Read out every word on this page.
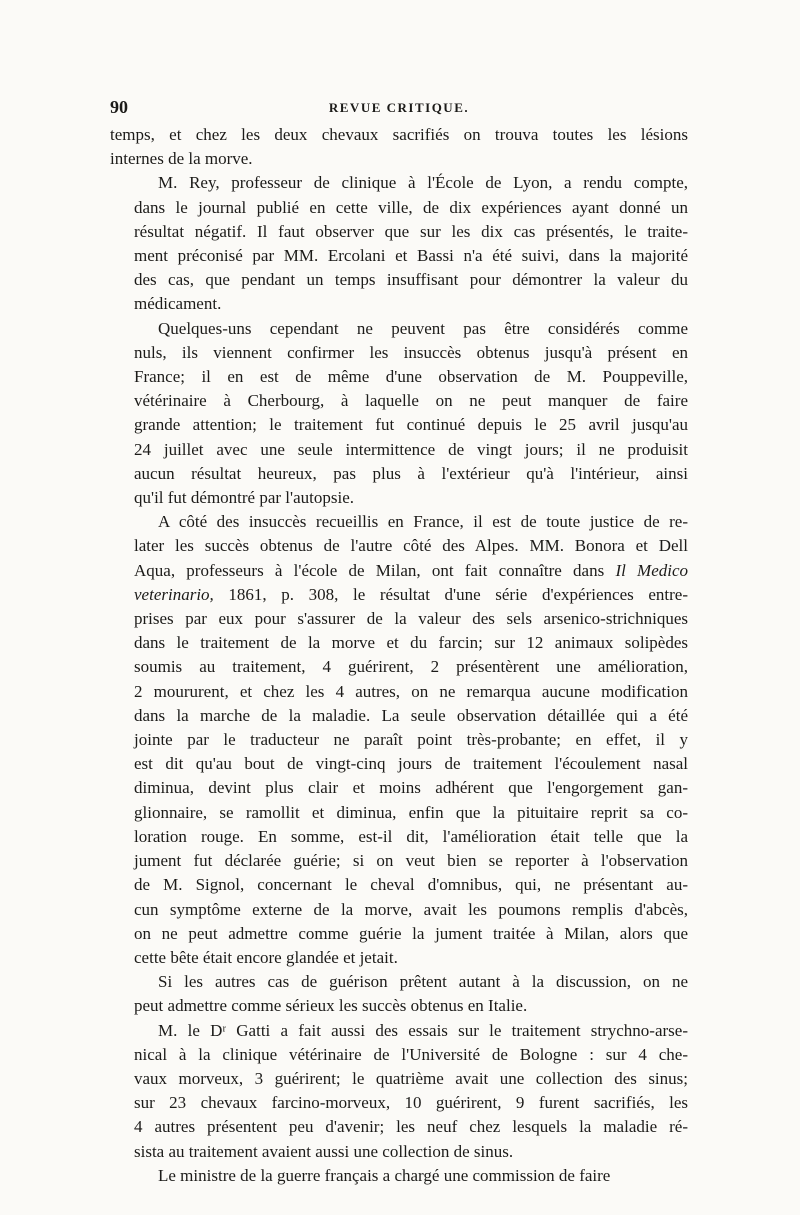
90	REVUE CRITIQUE.
temps, et chez les deux chevaux sacrifiés on trouva toutes les lésions
internes de la morve.
M. Rey, professeur de clinique à l'École de Lyon, a rendu compte,
dans le journal publié en cette ville, de dix expériences ayant donné un
résultat négatif. Il faut observer que sur les dix cas présentés, le traite-
ment préconisé par MM. Ercolani et Bassi n'a été suivi, dans la majorité
des cas, que pendant un temps insuffisant pour démontrer la valeur du
médicament.
Quelques-uns cependant ne peuvent pas être considérés comme
nuls, ils viennent confirmer les insuccès obtenus jusqu'à présent en
France; il en est de même d'une observation de M. Pouppeville,
vétérinaire à Cherbourg, à laquelle on ne peut manquer de faire
grande attention; le traitement fut continué depuis le 25 avril jusqu'au
24 juillet avec une seule intermittence de vingt jours; il ne produisit
aucun résultat heureux, pas plus à l'extérieur qu'à l'intérieur, ainsi
qu'il fut démontré par l'autopsie.
A côté des insuccès recueillis en France, il est de toute justice de re-
later les succès obtenus de l'autre côté des Alpes. MM. Bonora et Dell
Aqua, professeurs à l'école de Milan, ont fait connaître dans Il Medico
veterinario, 1861, p. 308, le résultat d'une série d'expériences entre-
prises par eux pour s'assurer de la valeur des sels arsenico-strichniques
dans le traitement de la morve et du farcin; sur 12 animaux solipèdes
soumis au traitement, 4 guérirent, 2 présentèrent une amélioration,
2 moururent, et chez les 4 autres, on ne remarqua aucune modification
dans la marche de la maladie. La seule observation détaillée qui a été
jointe par le traducteur ne paraît point très-probante; en effet, il y
est dit qu'au bout de vingt-cinq jours de traitement l'écoulement nasal
diminua, devint plus clair et moins adhérent que l'engorgement gan-
glionnaire, se ramollit et diminua, enfin que la pituitaire reprit sa co-
loration rouge. En somme, est-il dit, l'amélioration était telle que la
jument fut déclarée guérie; si on veut bien se reporter à l'observation
de M. Signol, concernant le cheval d'omnibus, qui, ne présentant au-
cun symptôme externe de la morve, avait les poumons remplis d'abcès,
on ne peut admettre comme guérie la jument traitée à Milan, alors que
cette bête était encore glandée et jetait.
Si les autres cas de guérison prêtent autant à la discussion, on ne
peut admettre comme sérieux les succès obtenus en Italie.
M. le Dʳ Gatti a fait aussi des essais sur le traitement strychno-arse-
nical à la clinique vétérinaire de l'Université de Bologne : sur 4 che-
vaux morveux, 3 guérirent; le quatrième avait une collection des sinus;
sur 23 chevaux farcino-morveux, 10 guérirent, 9 furent sacrifiés, les
4 autres présentent peu d'avenir; les neuf chez lesquels la maladie ré-
sista au traitement avaient aussi une collection de sinus.
Le ministre de la guerre français a chargé une commission de faire
